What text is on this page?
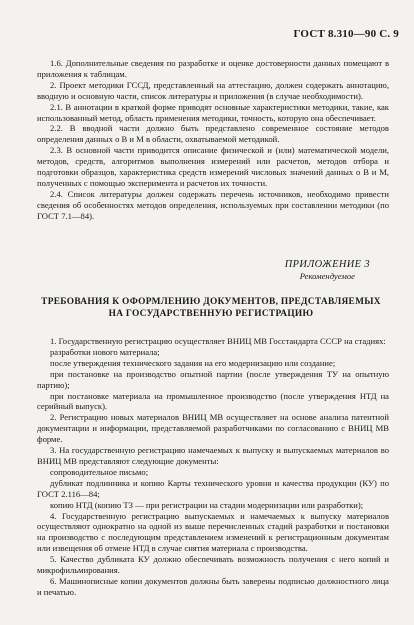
ГОСТ 8.310—90 С. 9

1.6. Дополнительные сведения по разработке и оценке достоверности данных помещают в приложения к таблицам.

2. Проект методики ГССД, представленный на аттестацию, должен содержать аннотацию, вводную и основную части, список литературы и приложения (в случае необходимости).

2.1. В аннотации в краткой форме приводят основные характеристики методики, такие, как использованный метод, область применения методики, точность, которую она обеспечивает.

2.2. В вводной части должно быть представлено современное состояние методов определения данных о В и М в области, охватываемой методикой.

2.3. В основной части приводится описание физической и (или) математической модели, методов, средств, алгоритмов выполнения измерений или расчетов, методов отбора и подготовки образцов, характеристика средств измерений числовых значений данных о В и М, полученных с помощью эксперимента и расчетов их точности.

2.4. Список литературы должен содержать перечень источников, необходимо привести сведения об особенностях методов определения, используемых при составлении методики (по ГОСТ 7.1—84).

ПРИЛОЖЕНИЕ 3
Рекомендуемое
ТРЕБОВАНИЯ К ОФОРМЛЕНИЮ ДОКУМЕНТОВ, ПРЕДСТАВЛЯЕМЫХ
НА ГОСУДАРСТВЕННУЮ РЕГИСТРАЦИЮ

1. Государственную регистрацию осуществляет ВНИЦ МВ Госстандарта СССР на стадиях:

разработки нового материала;

после утверждения технического задания на его модернизацию или создание;

при постановке на производство опытной партии (после утверждения ТУ на опытную партию);

при постановке материала на промышленное производство (после утверждения НТД на серийный выпуск).

2. Регистрацию новых материалов ВНИЦ МВ осуществляет на основе анализа патентной документации и информации, представляемой разработчиками по согласованию с ВНИЦ МВ форме.

3. На государственную регистрацию намечаемых к выпуску и выпускаемых материалов во ВНИЦ МВ представляют следующие документы:

сопроводительное письмо;

дубликат подлинника и копию Карты технического уровня и качества продукции (КУ) по ГОСТ 2.116—84;

копию НТД (копию ТЗ — при регистрации на стадии модернизации или разработки);

4. Государственную регистрацию выпускаемых и намечаемых к выпуску материалов осуществляют однократно на одной из выше перечисленных стадий разработки и постановки на производство с последующим представлением изменений к регистрационным документам или извещения об отмене НТД в случае снятия материала с производства.

5. Качество дубликата КУ должно обеспечивать возможность получения с него копий и микрофильмирования.

6. Машинописные копии документов должны быть заверены подписью должностного лица и печатью.
